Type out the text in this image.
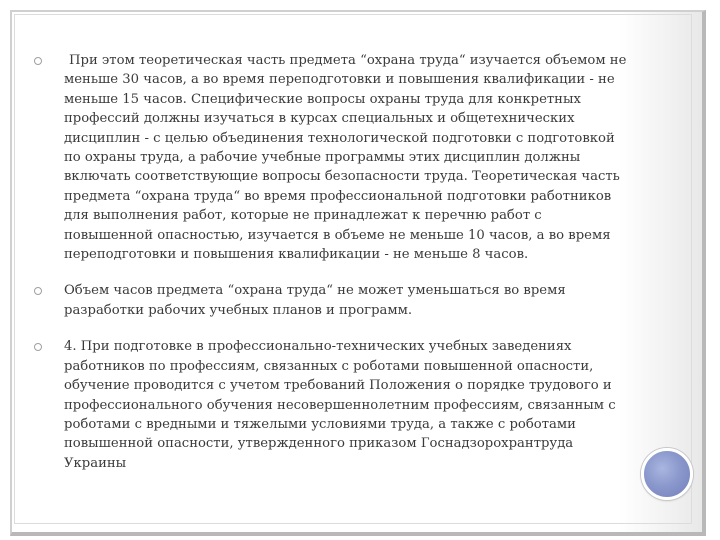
При этом теоретическая часть предмета “охрана труда“ изучается объемом не меньше 30 часов, а во время переподготовки и повышения квалификации - не меньше 15 часов. Специфические вопросы охраны труда для конкретных профессий должны изучаться в курсах специальных и общетехнических дисциплин - с целью объединения технологической подготовки с подготовкой по охраны труда, а рабочие учебные программы этих дисциплин должны включать соответствующие вопросы безопасности труда. Теоретическая часть предмета “охрана труда“ во время профессиональной подготовки работников для выполнения работ, которые не принадлежат к перечню работ с повышенной опасностью, изучается в объеме не меньше 10 часов, а во время переподготовки и повышения квалификации - не меньше 8 часов.
Объем часов предмета “охрана труда“ не может уменьшаться во время разработки рабочих учебных планов и программ.
4. При подготовке в профессионально-технических учебных заведениях работников по профессиям, связанных с роботами повышенной опасности, обучение проводится с учетом требований Положения о порядке трудового и профессионального обучения несовершеннолетним профессиям, связанным с роботами с вредными и тяжелыми условиями труда, а также с роботами повышенной опасности, утвержденного приказом Госнадзорохрантруда Украины
